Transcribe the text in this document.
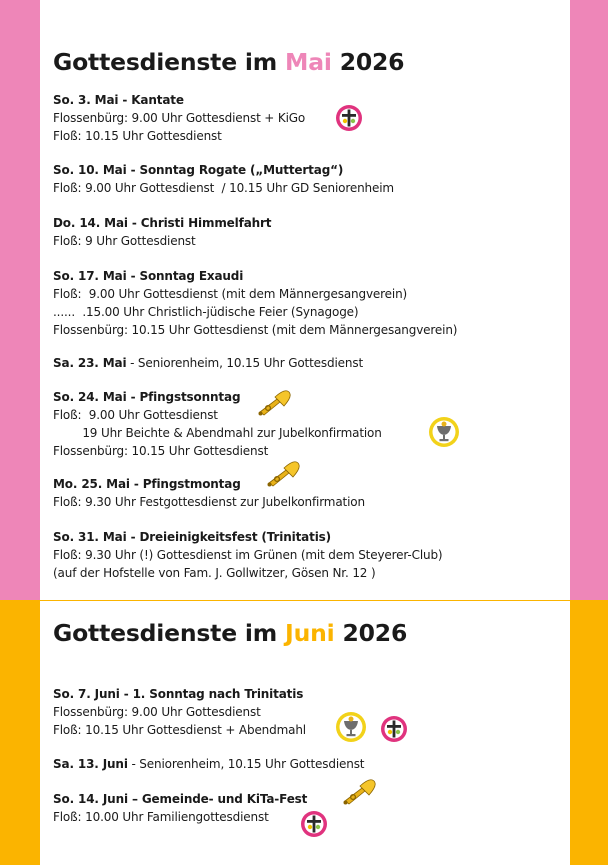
Gottesdienste im Mai 2026
So. 3. Mai - Kantate
Flossenbürg: 9.00 Uhr Gottesdienst + KiGo
Floß: 10.15 Uhr Gottesdienst
So. 10. Mai - Sonntag Rogate („Muttertag“)
Floß: 9.00 Uhr Gottesdienst  / 10.15 Uhr GD Seniorenheim
Do. 14. Mai - Christi Himmelfahrt
Floß: 9 Uhr Gottesdienst
So. 17. Mai - Sonntag Exaudi
Floß:  9.00 Uhr Gottesdienst (mit dem Männergesangverein)
......  .15.00 Uhr Christlich-jüdische Feier (Synagoge)
Flossenbürg: 10.15 Uhr Gottesdienst (mit dem Männergesangverein)
Sa. 23. Mai - Seniorenheim, 10.15 Uhr Gottesdienst
So. 24. Mai - Pfingstsonntag
Floß:  9.00 Uhr Gottesdienst
19 Uhr Beichte & Abendmahl zur Jubelkonfirmation
Flossenbürg: 10.15 Uhr Gottesdienst
Mo. 25. Mai - Pfingstmontag
Floß: 9.30 Uhr Festgottesdienst zur Jubelkonfirmation
So. 31. Mai - Dreieinigkeitsfest (Trinitatis)
Floß: 9.30 Uhr (!) Gottesdienst im Grünen (mit dem Steyerer-Club)
(auf der Hofstelle von Fam. J. Gollwitzer, Gösen Nr. 12 )
Gottesdienste im Juni 2026
So. 7. Juni - 1. Sonntag nach Trinitatis
Flossenbürg: 9.00 Uhr Gottesdienst
Floß: 10.15 Uhr Gottesdienst + Abendmahl
Sa. 13. Juni - Seniorenheim, 10.15 Uhr Gottesdienst
So. 14. Juni – Gemeinde- und KiTa-Fest
Floß: 10.00 Uhr Familiengottesdienst
